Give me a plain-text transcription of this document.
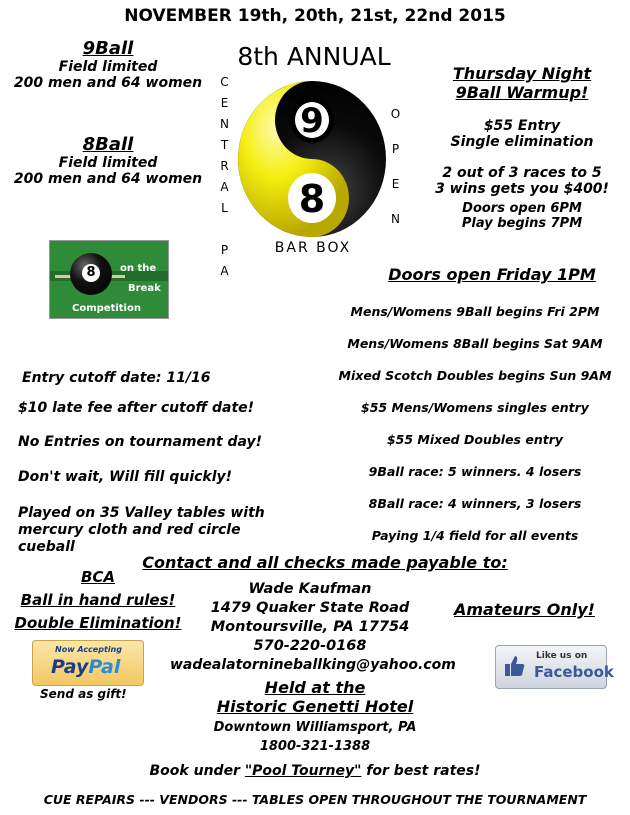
NOVEMBER 19th, 20th, 21st, 22nd 2015
9Ball
Field limited
200 men and 64 women
8Ball
Field limited
200 men and 64 women
8	on the
Break
Competition
8th ANNUAL
C
E
N
T
R
A
L

P
A
O
P
E
N
9
8
BAR BOX
Thursday Night
9Ball Warmup!
$55 Entry
Single elimination
2 out of 3 races to 5
3 wins gets you $400!
Doors open 6PM
Play begins 7PM
Doors open Friday 1PM
Mens/Womens 9Ball begins Fri 2PM
Mens/Womens 8Ball begins Sat 9AM
Mixed Scotch Doubles begins Sun 9AM
$55 Mens/Womens singles entry
$55 Mixed Doubles entry
9Ball race: 5 winners. 4 losers
8Ball race: 4 winners, 3 losers
Paying 1/4 field for all events
Entry cutoff date: 11/16
$10 late fee after cutoff date!
No Entries on tournament day!
Don't wait, Will fill quickly!
Played on 35 Valley tables with
mercury cloth and red circle
cueball
Contact and all checks made payable to:
Wade Kaufman
1479 Quaker State Road
Montoursville, PA 17754
570-220-0168
wadealatornineballking@yahoo.com
BCA
Ball in hand rules!
Double Elimination!
Amateurs Only!
Now Accepting
PayPal
Send as gift!
Like us on
Facebook
Held at the
Historic Genetti Hotel
Downtown Williamsport, PA
1800-321-1388
Book under "Pool Tourney" for best rates!
CUE REPAIRS --- VENDORS --- TABLES OPEN THROUGHOUT THE TOURNAMENT
